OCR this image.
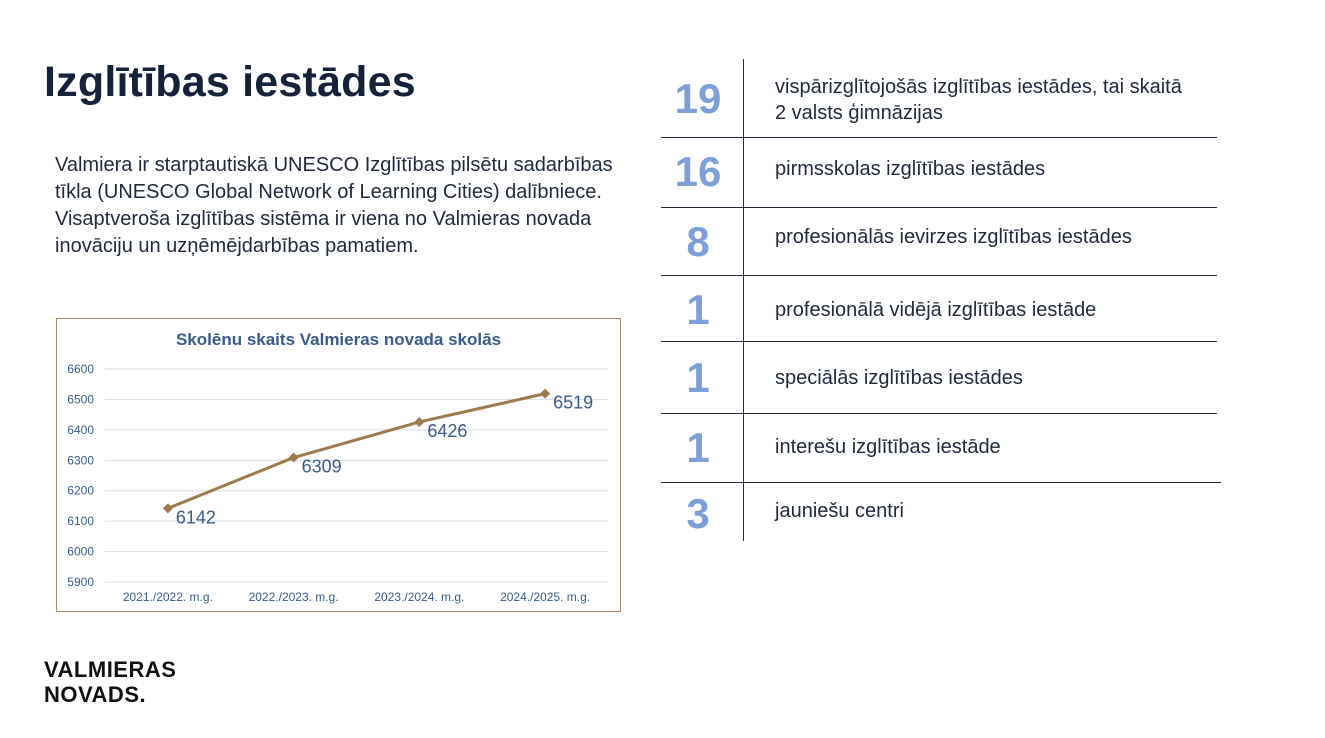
Izglītības iestādes

Valmiera ir starptautiskā UNESCO Izglītības pilsētu sadarbības tīkla (UNESCO Global Network of Learning Cities) dalībniece. Visaptveroša izglītības sistēma ir viena no Valmieras novada inovāciju un uzņēmējdarbības pamatiem.

Skolēnu skaits Valmieras novada skolās
6600
6500
6400
6300
6200
6100
6000
5900
2021./2022. m.g.	2022./2023. m.g.	2023./2024. m.g.	2024./2025. m.g.
6142
6309
6426
6519
VALMIERAS
NOVADS.
19	vispārizglītojošās izglītības iestādes, tai skaitā 2 valsts ģimnāzijas
16	pirmsskolas izglītības iestādes
8	profesionālās ievirzes izglītības iestādes
1	profesionālā vidējā izglītības iestāde
1	speciālās izglītības iestādes
1	interešu izglītības iestāde
3	jauniešu centri
